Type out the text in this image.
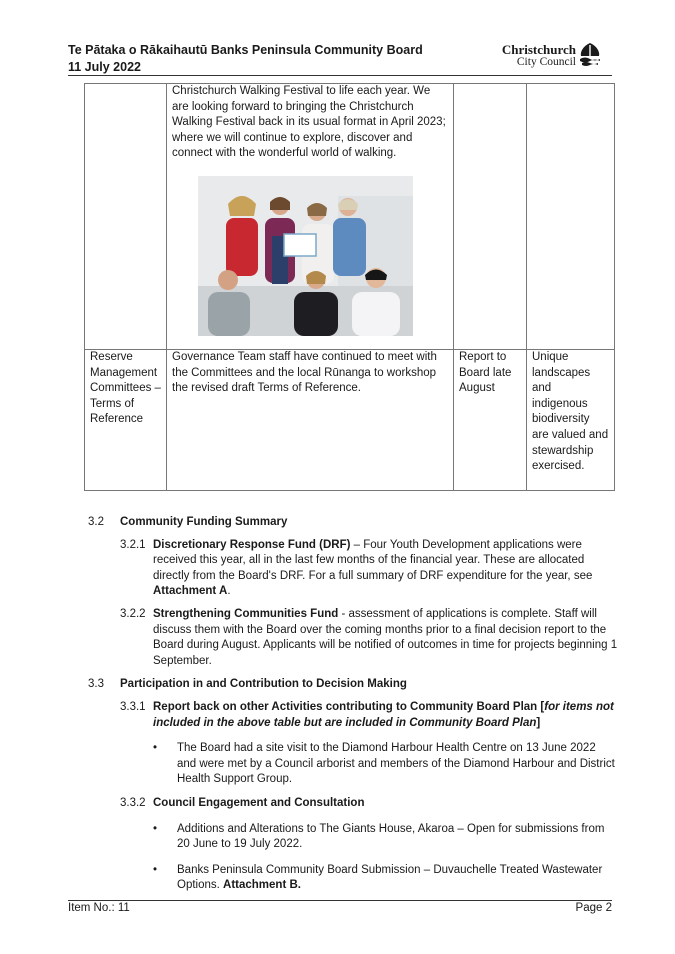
Te Pātaka o Rākaihautū Banks Peninsula Community Board
11 July 2022
Christchurch
City Council

	Christchurch Walking Festival to life each year. We are looking forward to bringing the Christchurch Walking Festival back in its usual format in April 2023; where we will continue to explore, discover and connect with the wonderful world of walking.		

Reserve Management Committees – Terms of Reference	Governance Team staff have continued to meet with the Committees and the local Rūnanga to workshop the revised draft Terms of Reference.	Report to Board late August	Unique landscapes and indigenous biodiversity are valued and stewardship exercised.
3.2 Community Funding Summary
3.2.1 Discretionary Response Fund (DRF) – Four Youth Development applications were received this year, all in the last few months of the financial year. These are allocated directly from the Board's DRF. For a full summary of DRF expenditure for the year, see Attachment A.
3.2.2 Strengthening Communities Fund - assessment of applications is complete. Staff will discuss them with the Board over the coming months prior to a final decision report to the Board during August. Applicants will be notified of outcomes in time for projects beginning 1 September.
3.3 Participation in and Contribution to Decision Making
3.3.1 Report back on other Activities contributing to Community Board Plan [for items not included in the above table but are included in Community Board Plan]
• The Board had a site visit to the Diamond Harbour Health Centre on 13 June 2022 and were met by a Council arborist and members of the Diamond Harbour and District Health Support Group.
3.3.2 Council Engagement and Consultation
• Additions and Alterations to The Giants House, Akaroa – Open for submissions from 20 June to 19 July 2022.
• Banks Peninsula Community Board Submission – Duvauchelle Treated Wastewater Options. Attachment B.
Item No.: 11	Page 2
